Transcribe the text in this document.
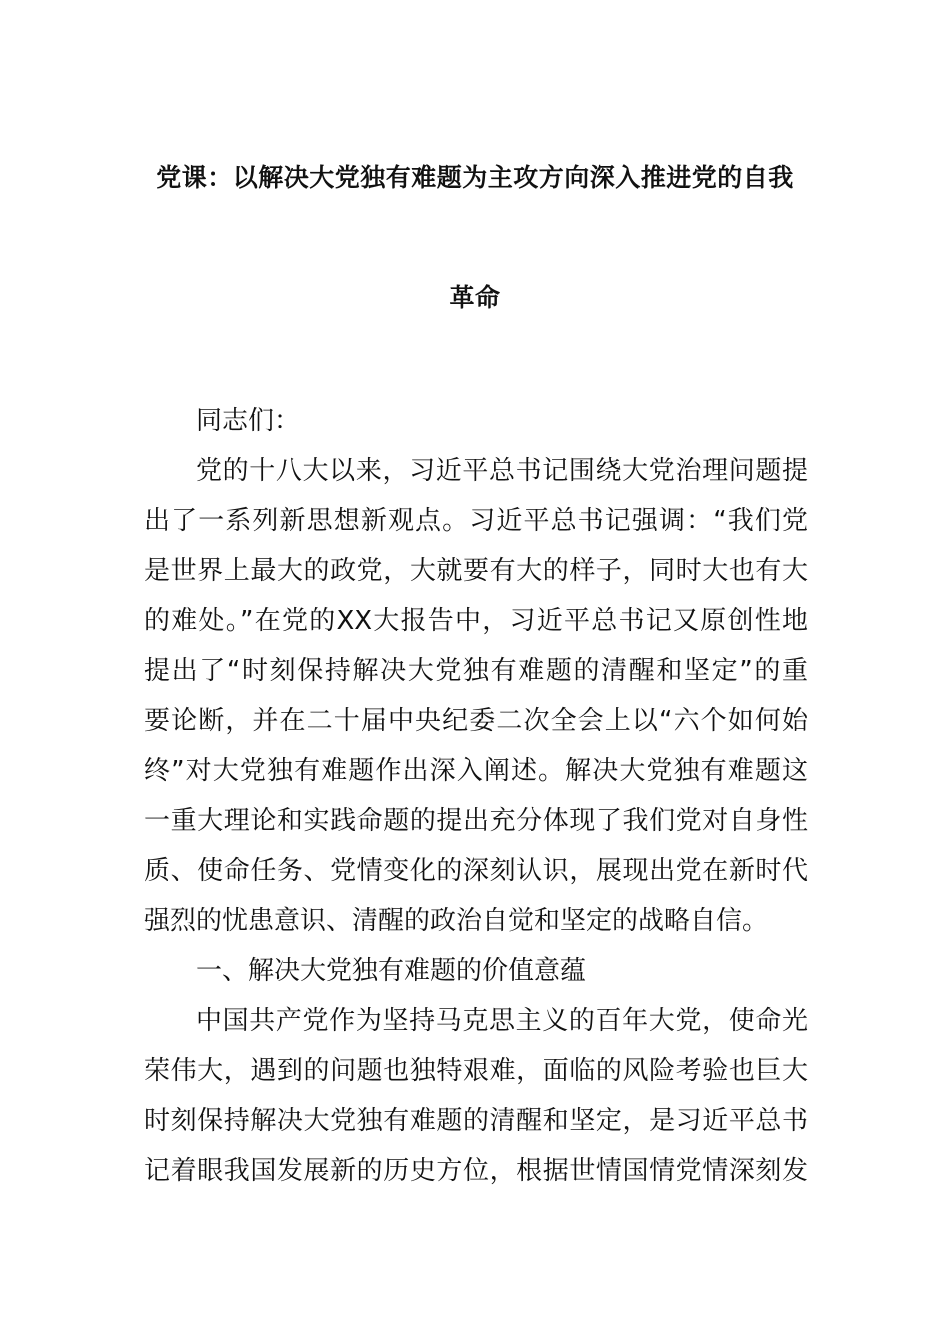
党课：以解决大党独有难题为主攻方向深入推进党的自我
革命
同志们：
党的十八大以来，习近平总书记围绕大党治理问题提
出了一系列新思想新观点。习近平总书记强调：“我们党
是世界上最大的政党，大就要有大的样子，同时大也有大
的难处。”在党的XX大报告中，习近平总书记又原创性地
提出了“时刻保持解决大党独有难题的清醒和坚定”的重
要论断，并在二十届中央纪委二次全会上以“六个如何始
终”对大党独有难题作出深入阐述。解决大党独有难题这
一重大理论和实践命题的提出充分体现了我们党对自身性
质、使命任务、党情变化的深刻认识，展现出党在新时代
强烈的忧患意识、清醒的政治自觉和坚定的战略自信。
一、解决大党独有难题的价值意蕴
中国共产党作为坚持马克思主义的百年大党，使命光
荣伟大，遇到的问题也独特艰难，面临的风险考验也巨大
时刻保持解决大党独有难题的清醒和坚定，是习近平总书
记着眼我国发展新的历史方位，根据世情国情党情深刻发
